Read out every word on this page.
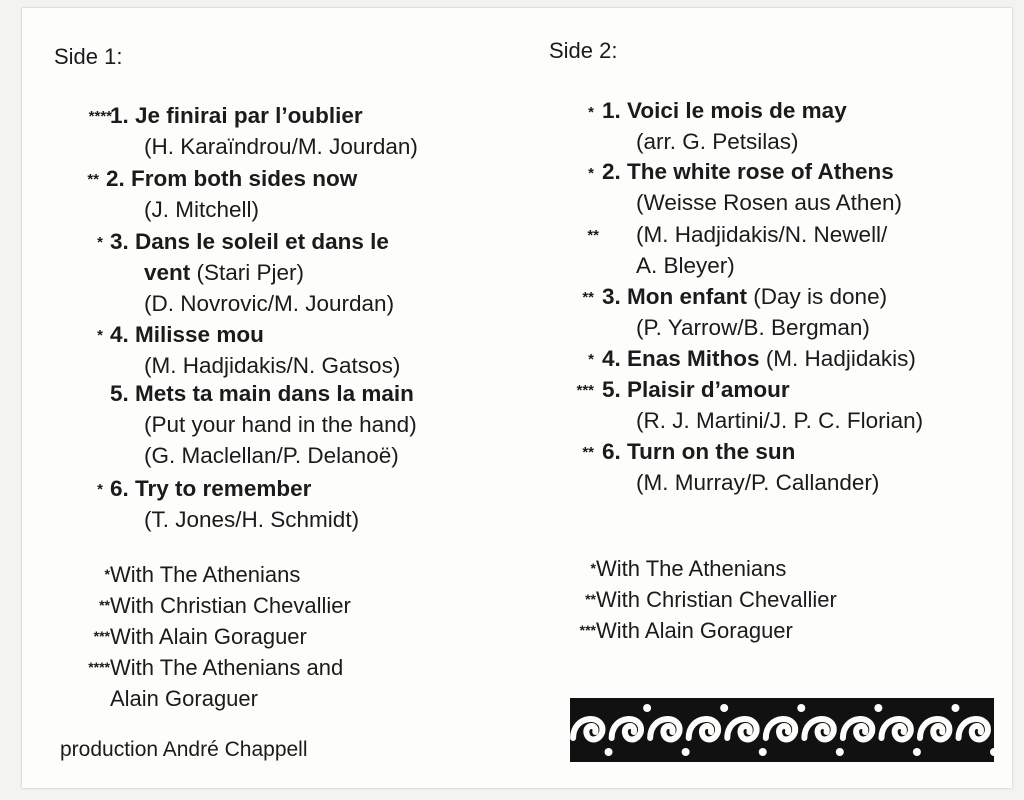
Side 1:
****
1. Je finirai par l’oublier
(H. Karaïndrou/M. Jourdan)
** 2. From both sides now
(J. Mitchell)
* 3. Dans le soleil et dans le
vent (Stari Pjer)
(D. Novrovic/M. Jourdan)
* 4. Milisse mou
(M. Hadjidakis/N. Gatsos)
5. Mets ta main dans la main
(Put your hand in the hand)
(G. Maclellan/P. Delanoë)
* 6. Try to remember
(T. Jones/H. Schmidt)
*With The Athenians
**With Christian Chevallier
***With Alain Goraguer
****With The Athenians and
Alain Goraguer
production André Chappell
Side 2:
* 1. Voici le mois de may
(arr. G. Petsilas)
* 2. The white rose of Athens
(Weisse Rosen aus Athen)
** (M. Hadjidakis/N. Newell/
A. Bleyer)
** 3. Mon enfant (Day is done)
(P. Yarrow/B. Bergman)
* 4. Enas Mithos (M. Hadjidakis)
*** 5. Plaisir d’amour
(R. J. Martini/J. P. C. Florian)
** 6. Turn on the sun
(M. Murray/P. Callander)
*With The Athenians
**With Christian Chevallier
***With Alain Goraguer
